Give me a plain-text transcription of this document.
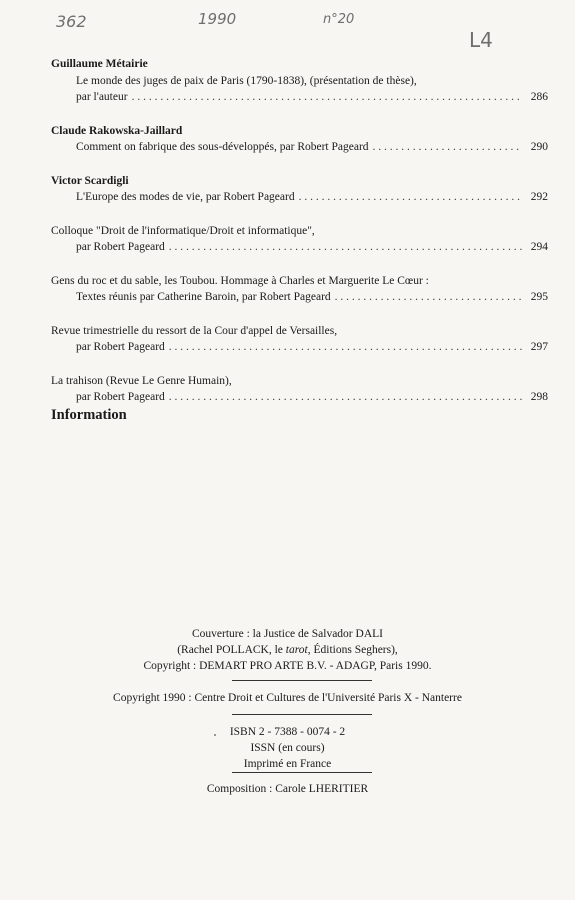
362	1990	n°20
L4
Guillaume Métairie
Le monde des juges de paix de Paris (1790-1838), (présentation de thèse),
par l'auteur . . .	286
Claude Rakowska-Jaillard
Comment on fabrique des sous-développés, par Robert Pageard . . .	290
Victor Scardigli
L'Europe des modes de vie, par Robert Pageard . . .	292
Colloque "Droit de l'informatique/Droit et informatique",
par Robert Pageard . . .	294
Gens du roc et du sable, les Toubou. Hommage à Charles et Marguerite Le Cœur :
Textes réunis par Catherine Baroin, par Robert Pageard . . .	295
Revue trimestrielle du ressort de la Cour d'appel de Versailles,
par Robert Pageard . . .	297
La trahison (Revue Le Genre Humain),
par Robert Pageard . . .	298
Information
Couverture : la Justice de Salvador DALI
(Rachel POLLACK, le tarot, Éditions Seghers),
Copyright : DEMART PRO ARTE B.V. - ADAGP, Paris 1990.
Copyright 1990 : Centre Droit et Cultures de l'Université Paris X - Nanterre
ISBN 2 - 7388 - 0074 - 2
ISSN (en cours)
Imprimé en France
Composition : Carole LHERITIER
